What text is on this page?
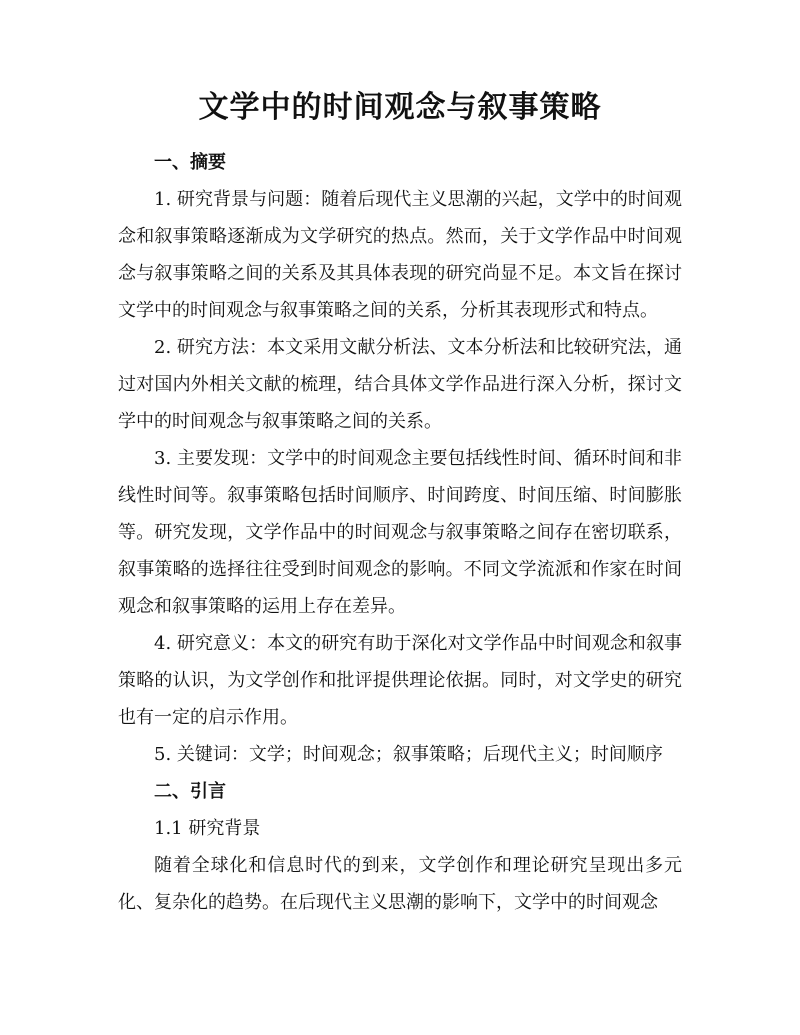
文学中的时间观念与叙事策略
一、摘要

1. 研究背景与问题：随着后现代主义思潮的兴起，文学中的时间观念和叙事策略逐渐成为文学研究的热点。然而，关于文学作品中时间观念与叙事策略之间的关系及其具体表现的研究尚显不足。本文旨在探讨文学中的时间观念与叙事策略之间的关系，分析其表现形式和特点。

2. 研究方法：本文采用文献分析法、文本分析法和比较研究法，通过对国内外相关文献的梳理，结合具体文学作品进行深入分析，探讨文学中的时间观念与叙事策略之间的关系。

3. 主要发现：文学中的时间观念主要包括线性时间、循环时间和非线性时间等。叙事策略包括时间顺序、时间跨度、时间压缩、时间膨胀等。研究发现，文学作品中的时间观念与叙事策略之间存在密切联系，叙事策略的选择往往受到时间观念的影响。不同文学流派和作家在时间观念和叙事策略的运用上存在差异。

4. 研究意义：本文的研究有助于深化对文学作品中时间观念和叙事策略的认识，为文学创作和批评提供理论依据。同时，对文学史的研究也有一定的启示作用。

5. 关键词：文学；时间观念；叙事策略；后现代主义；时间顺序

二、引言

1.1 研究背景

随着全球化和信息时代的到来，文学创作和理论研究呈现出多元化、复杂化的趋势。在后现代主义思潮的影响下，文学中的时间观念
